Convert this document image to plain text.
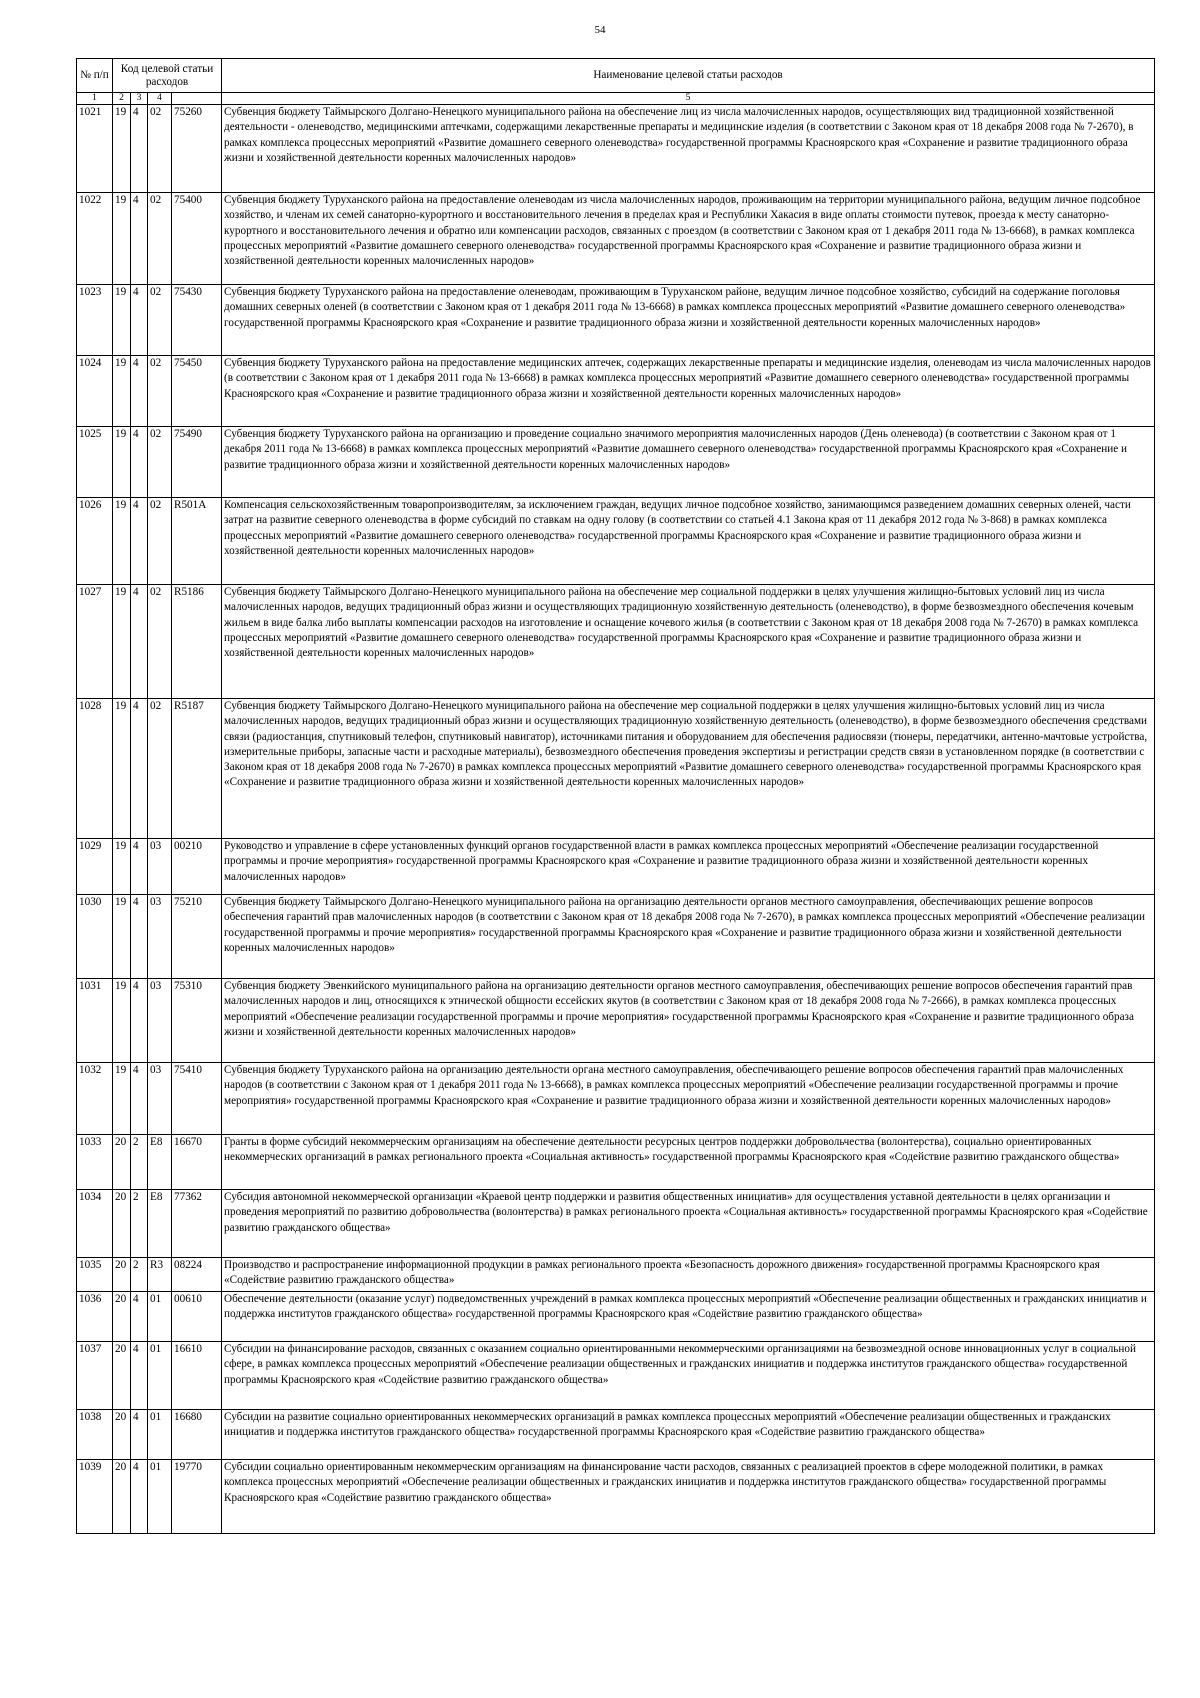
54
№ п/п	Код целевой статьи расходов				Наименование целевой статьи расходов

1	2	3	4		5
1021	19	4	02	75260	Субвенция бюджету Таймырского Долгано-Ненецкого муниципального района на обеспечение лиц из числа малочисленных народов, осуществляющих вид традиционной хозяйственной деятельности - оленеводство, медицинскими аптечками, содержащими лекарственные препараты и медицинские изделия (в соответствии с Законом края от 18 декабря 2008 года № 7-2670), в рамках комплекса процессных мероприятий «Развитие домашнего северного оленеводства» государственной программы Красноярского края «Сохранение и развитие традиционного образа жизни и хозяйственной деятельности коренных малочисленных народов»
1022	19	4	02	75400	Субвенция бюджету Туруханского района на предоставление оленеводам из числа малочисленных народов, проживающим на территории муниципального района, ведущим личное подсобное хозяйство, и членам их семей санаторно-курортного и восстановительного лечения в пределах края и Республики Хакасия в виде оплаты стоимости путевок, проезда к месту санаторно-курортного и восстановительного лечения и обратно или компенсации расходов, связанных с проездом (в соответствии с Законом края от 1 декабря 2011 года № 13-6668), в рамках комплекса процессных мероприятий «Развитие домашнего северного оленеводства» государственной программы Красноярского края «Сохранение и развитие традиционного образа жизни и хозяйственной деятельности коренных малочисленных народов»
1023	19	4	02	75430	Субвенция бюджету Туруханского района на предоставление оленеводам, проживающим в Туруханском районе, ведущим личное подсобное хозяйство, субсидий на содержание поголовья домашних северных оленей (в соответствии с Законом края от 1 декабря 2011 года № 13-6668) в рамках комплекса процессных мероприятий «Развитие домашнего северного оленеводства» государственной программы Красноярского края «Сохранение и развитие традиционного образа жизни и хозяйственной деятельности коренных малочисленных народов»
1024	19	4	02	75450	Субвенция бюджету Туруханского района на предоставление медицинских аптечек, содержащих лекарственные препараты и медицинские изделия, оленеводам из числа малочисленных народов (в соответствии с Законом края от 1 декабря 2011 года № 13-6668) в рамках комплекса процессных мероприятий «Развитие домашнего северного оленеводства» государственной программы Красноярского края «Сохранение и развитие традиционного образа жизни и хозяйственной деятельности коренных малочисленных народов»
1025	19	4	02	75490	Субвенция бюджету Туруханского района на организацию и проведение социально значимого мероприятия малочисленных народов (День оленевода) (в соответствии с Законом края от 1 декабря 2011 года № 13-6668) в рамках комплекса процессных мероприятий «Развитие домашнего северного оленеводства» государственной программы Красноярского края «Сохранение и развитие традиционного образа жизни и хозяйственной деятельности коренных малочисленных народов»
1026	19	4	02	R501A	Компенсация сельскохозяйственным товаропроизводителям, за исключением граждан, ведущих личное подсобное хозяйство, занимающимся разведением домашних северных оленей, части затрат на развитие северного оленеводства в форме субсидий по ставкам на одну голову (в соответствии со статьей 4.1 Закона края от 11 декабря 2012 года № 3-868) в рамках комплекса процессных мероприятий «Развитие домашнего северного оленеводства» государственной программы Красноярского края «Сохранение и развитие традиционного образа жизни и хозяйственной деятельности коренных малочисленных народов»
1027	19	4	02	R5186	Субвенция бюджету Таймырского Долгано-Ненецкого муниципального района на обеспечение мер социальной поддержки в целях улучшения жилищно-бытовых условий лиц из числа малочисленных народов, ведущих традиционный образ жизни и осуществляющих традиционную хозяйственную деятельность (оленеводство), в форме безвозмездного обеспечения кочевым жильем в виде балка либо выплаты компенсации расходов на изготовление и оснащение кочевого жилья (в соответствии с Законом края от 18 декабря 2008 года № 7-2670) в рамках комплекса процессных мероприятий «Развитие домашнего северного оленеводства» государственной программы Красноярского края «Сохранение и развитие традиционного образа жизни и хозяйственной деятельности коренных малочисленных народов»
1028	19	4	02	R5187	Субвенция бюджету Таймырского Долгано-Ненецкого муниципального района на обеспечение мер социальной поддержки в целях улучшения жилищно-бытовых условий лиц из числа малочисленных народов, ведущих традиционный образ жизни и осуществляющих традиционную хозяйственную деятельность (оленеводство), в форме безвозмездного обеспечения средствами связи (радиостанция, спутниковый телефон, спутниковый навигатор), источниками питания и оборудованием для обеспечения радиосвязи (тюнеры, передатчики, антенно-мачтовые устройства, измерительные приборы, запасные части и расходные материалы), безвозмездного обеспечения проведения экспертизы и регистрации средств связи в установленном порядке (в соответствии с Законом края от 18 декабря 2008 года № 7-2670) в рамках комплекса процессных мероприятий «Развитие домашнего северного оленеводства» государственной программы Красноярского края «Сохранение и развитие традиционного образа жизни и хозяйственной деятельности коренных малочисленных народов»
1029	19	4	03	00210	Руководство и управление в сфере установленных функций органов государственной власти в рамках комплекса процессных мероприятий «Обеспечение реализации государственной программы и прочие мероприятия» государственной программы Красноярского края «Сохранение и развитие традиционного образа жизни и хозяйственной деятельности коренных малочисленных народов»
1030	19	4	03	75210	Субвенция бюджету Таймырского Долгано-Ненецкого муниципального района на организацию деятельности органов местного самоуправления, обеспечивающих решение вопросов обеспечения гарантий прав малочисленных народов (в соответствии с Законом края от 18 декабря 2008 года № 7-2670), в рамках комплекса процессных мероприятий «Обеспечение реализации государственной программы и прочие мероприятия» государственной программы Красноярского края «Сохранение и развитие традиционного образа жизни и хозяйственной деятельности коренных малочисленных народов»
1031	19	4	03	75310	Субвенция бюджету Эвенкийского муниципального района на организацию деятельности органов местного самоуправления, обеспечивающих решение вопросов обеспечения гарантий прав малочисленных народов и лиц, относящихся к этнической общности ессейских якутов (в соответствии с Законом края от 18 декабря 2008 года № 7-2666), в рамках комплекса процессных мероприятий «Обеспечение реализации государственной программы и прочие мероприятия» государственной программы Красноярского края «Сохранение и развитие традиционного образа жизни и хозяйственной деятельности коренных малочисленных народов»
1032	19	4	03	75410	Субвенция бюджету Туруханского района на организацию деятельности органа местного самоуправления, обеспечивающего решение вопросов обеспечения гарантий прав малочисленных народов (в соответствии с Законом края от 1 декабря 2011 года № 13-6668), в рамках комплекса процессных мероприятий «Обеспечение реализации государственной программы и прочие мероприятия» государственной программы Красноярского края «Сохранение и развитие традиционного образа жизни и хозяйственной деятельности коренных малочисленных народов»
1033	20	2	E8	16670	Гранты в форме субсидий некоммерческим организациям на обеспечение деятельности ресурсных центров поддержки добровольчества (волонтерства), социально ориентированных некоммерческих организаций в рамках регионального проекта «Социальная активность» государственной программы Красноярского края «Содействие развитию гражданского общества»
1034	20	2	E8	77362	Субсидия автономной некоммерческой организации «Краевой центр поддержки и развития общественных инициатив» для осуществления уставной деятельности в целях организации и проведения мероприятий по развитию добровольчества (волонтерства) в рамках регионального проекта «Социальная активность» государственной программы Красноярского края «Содействие развитию гражданского общества»
1035	20	2	R3	08224	Производство и распространение информационной продукции в рамках регионального проекта «Безопасность дорожного движения» государственной программы Красноярского края «Содействие развитию гражданского общества»
1036	20	4	01	00610	Обеспечение деятельности (оказание услуг) подведомственных учреждений в рамках комплекса процессных мероприятий «Обеспечение реализации общественных и гражданских инициатив и поддержка институтов гражданского общества» государственной программы Красноярского края «Содействие развитию гражданского общества»
1037	20	4	01	16610	Субсидии на финансирование расходов, связанных с оказанием социально ориентированными некоммерческими организациями на безвозмездной основе инновационных услуг в социальной сфере, в рамках комплекса процессных мероприятий «Обеспечение реализации общественных и гражданских инициатив и поддержка институтов гражданского общества» государственной программы Красноярского края «Содействие развитию гражданского общества»
1038	20	4	01	16680	Субсидии на развитие социально ориентированных некоммерческих организаций в рамках комплекса процессных мероприятий «Обеспечение реализации общественных и гражданских инициатив и поддержка институтов гражданского общества» государственной программы Красноярского края «Содействие развитию гражданского общества»
1039	20	4	01	19770	Субсидии социально ориентированным некоммерческим организациям на финансирование части расходов, связанных с реализацией проектов в сфере молодежной политики, в рамках комплекса процессных мероприятий «Обеспечение реализации общественных и гражданских инициатив и поддержка институтов гражданского общества» государственной программы Красноярского края «Содействие развитию гражданского общества»
